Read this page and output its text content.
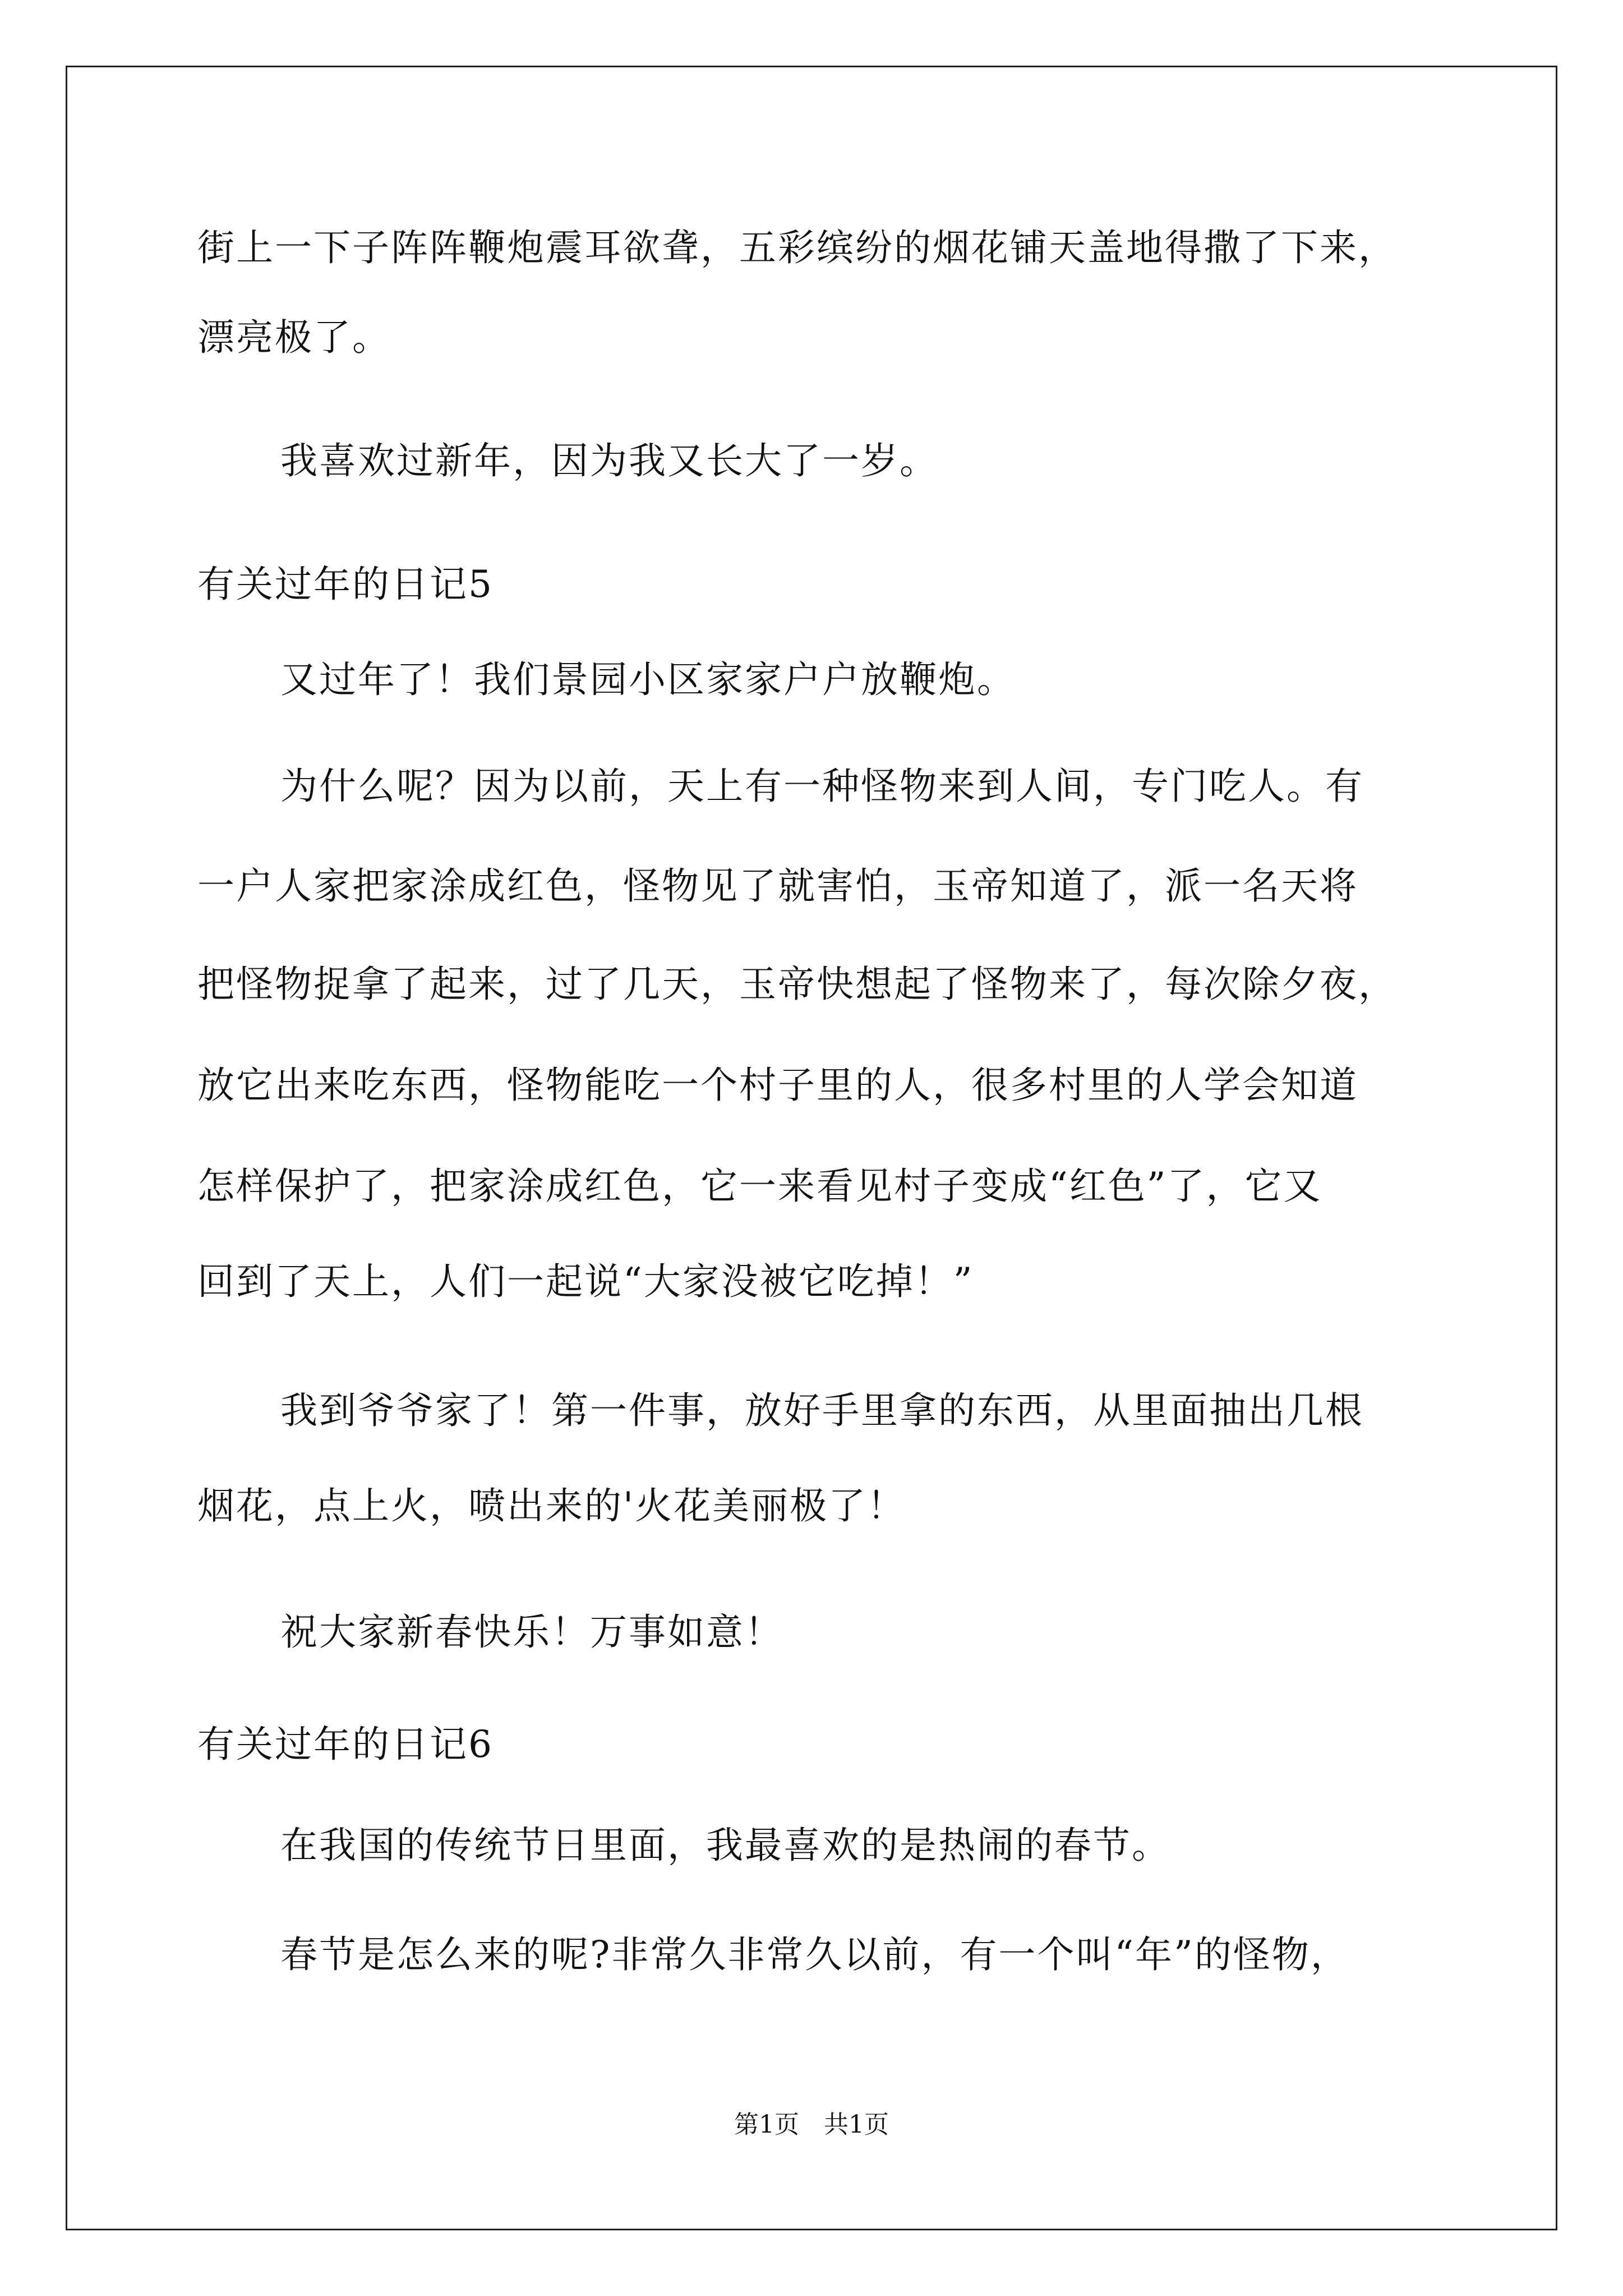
街上一下子阵阵鞭炮震耳欲聋，五彩缤纷的烟花铺天盖地得撒了下来，
漂亮极了。
我喜欢过新年，因为我又长大了一岁。
有关过年的日记5
又过年了！我们景园小区家家户户放鞭炮。
为什么呢？因为以前，天上有一种怪物来到人间，专门吃人。有
一户人家把家涂成红色，怪物见了就害怕，玉帝知道了，派一名天将
把怪物捉拿了起来，过了几天，玉帝快想起了怪物来了，每次除夕夜，
放它出来吃东西，怪物能吃一个村子里的人，很多村里的人学会知道
怎样保护了，把家涂成红色，它一来看见村子变成“红色”了，它又
回到了天上，人们一起说“大家没被它吃掉！”
我到爷爷家了！第一件事，放好手里拿的东西，从里面抽出几根
烟花，点上火，喷出来的'火花美丽极了！
祝大家新春快乐！万事如意！
有关过年的日记6
在我国的传统节日里面，我最喜欢的是热闹的春节。
春节是怎么来的呢?非常久非常久以前，有一个叫“年”的怪物，
第1页　共1页
